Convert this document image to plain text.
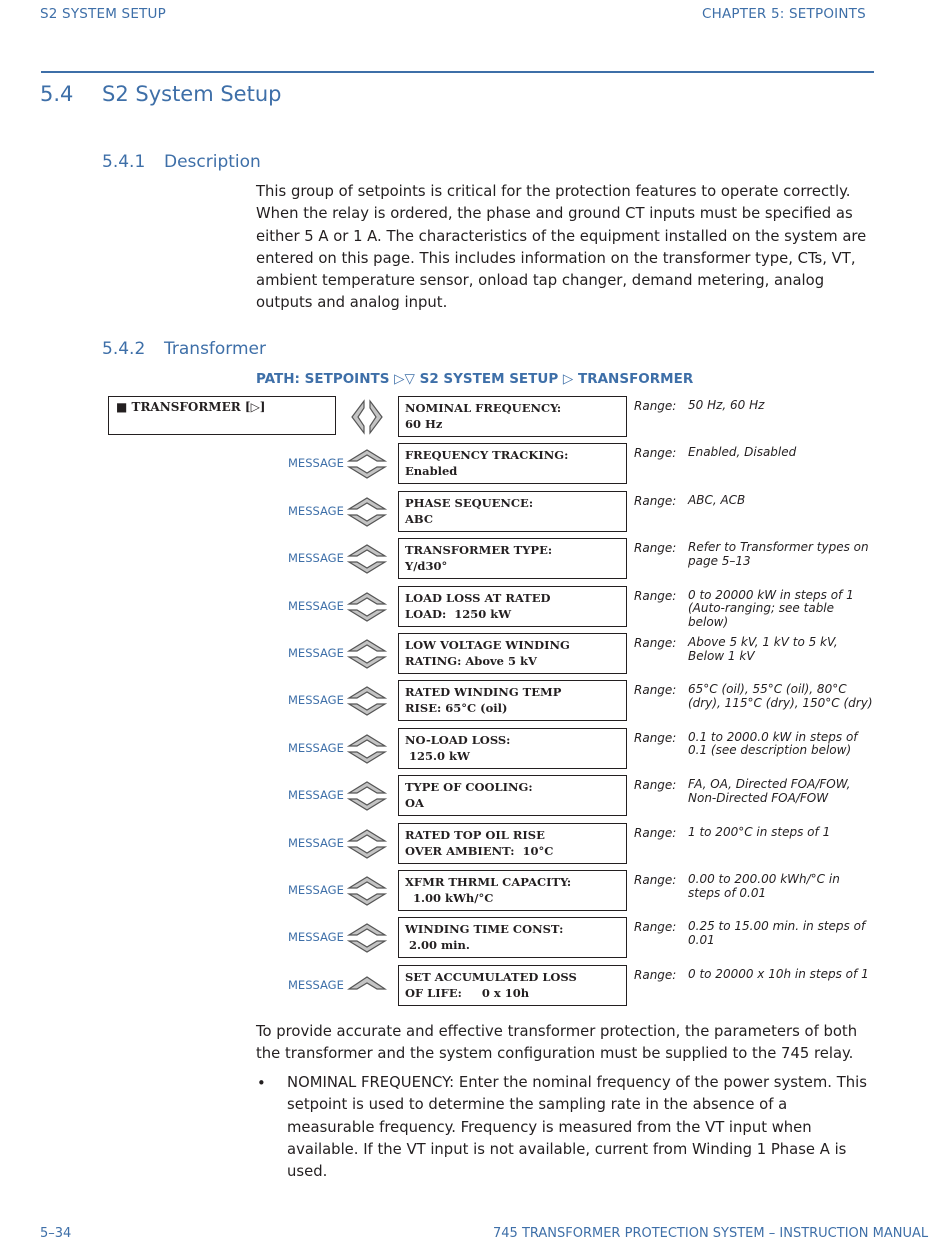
S2 SYSTEM SETUP	CHAPTER 5: SETPOINTS
5.4 S2 System Setup
5.4.1 Description
This group of setpoints is critical for the protection features to operate correctly. When the relay is ordered, the phase and ground CT inputs must be specified as either 5 A or 1 A. The characteristics of the equipment installed on the system are entered on this page. This includes information on the transformer type, CTs, VT, ambient temperature sensor, onload tap changer, demand metering, analog outputs and analog input.
5.4.2 Transformer
PATH: SETPOINTS ▷▽ S2 SYSTEM SETUP ▷ TRANSFORMER
■ TRANSFORMER [▷]	NOMINAL FREQUENCY:
60 Hz
Range: 50 Hz, 60 Hz
MESSAGE
FREQUENCY TRACKING:
Enabled
Range: Enabled, Disabled
MESSAGE
PHASE SEQUENCE:
ABC
Range: ABC, ACB
MESSAGE
TRANSFORMER TYPE:
Y/d30°
Range: Refer to Transformer types on page 5–13
MESSAGE
LOAD LOSS AT RATED
LOAD:  1250 kW
Range: 0 to 20000 kW in steps of 1 (Auto-ranging; see table below)
MESSAGE
LOW VOLTAGE WINDING
RATING: Above 5 kV
Range: Above 5 kV, 1 kV to 5 kV, Below 1 kV
MESSAGE
RATED WINDING TEMP
RISE: 65°C (oil)
Range: 65°C (oil), 55°C (oil), 80°C (dry), 115°C (dry), 150°C (dry)
MESSAGE
NO-LOAD LOSS:
125.0 kW
Range: 0.1 to 2000.0 kW in steps of 0.1 (see description below)
MESSAGE
TYPE OF COOLING:
OA
Range: FA, OA, Directed FOA/FOW, Non-Directed FOA/FOW
MESSAGE
RATED TOP OIL RISE
OVER AMBIENT:  10°C
Range: 1 to 200°C in steps of 1
MESSAGE
XFMR THRML CAPACITY:
1.00 kWh/°C
Range: 0.00 to 200.00 kWh/°C in steps of 0.01
MESSAGE
WINDING TIME CONST:
2.00 min.
Range: 0.25 to 15.00 min. in steps of 0.01
MESSAGE
SET ACCUMULATED LOSS
OF LIFE:     0 x 10h
Range: 0 to 20000 x 10h in steps of 1
To provide accurate and effective transformer protection, the parameters of both the transformer and the system configuration must be supplied to the 745 relay.
• NOMINAL FREQUENCY: Enter the nominal frequency of the power system. This setpoint is used to determine the sampling rate in the absence of a measurable frequency. Frequency is measured from the VT input when available. If the VT input is not available, current from Winding 1 Phase A is used.
5–34	745 TRANSFORMER PROTECTION SYSTEM – INSTRUCTION MANUAL
